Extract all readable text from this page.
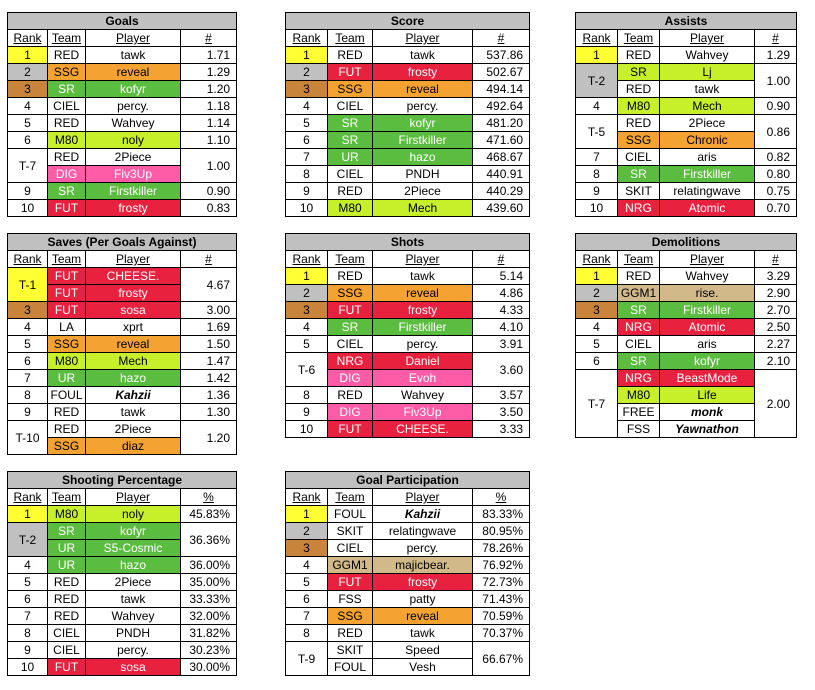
Goals			
Rank	Team	Player	#
1	RED	tawk	1.71
2	SSG	reveal	1.29
3	SR	kofyr	1.20
4	CIEL	percy.	1.18
5	RED	Wahvey	1.14
6	M80	noly	1.10
T-7	RED	2Piece	1.00
	DIG	Fiv3Up	
9	SR	Firstkiller	0.90
10	FUT	frosty	0.83
Score			
Rank	Team	Player	#
1	RED	tawk	537.86
2	FUT	frosty	502.67
3	SSG	reveal	494.14
4	CIEL	percy.	492.64
5	SR	kofyr	481.20
6	SR	Firstkiller	471.60
7	UR	hazo	468.67
8	CIEL	PNDH	440.91
9	RED	2Piece	440.29
10	M80	Mech	439.60
Assists			
Rank	Team	Player	#
1	RED	Wahvey	1.29
T-2	SR	Lj	1.00
	RED	tawk	
4	M80	Mech	0.90
T-5	RED	2Piece	0.86
	SSG	Chronic	
7	CIEL	aris	0.82
8	SR	Firstkiller	0.80
9	SKIT	relatingwave	0.75
10	NRG	Atomic	0.70
Saves (Per Goals Against)			
Rank	Team	Player	#
T-1	FUT	CHEESE.	4.67
	FUT	frosty	
3	FUT	sosa	3.00
4	LA	xprt	1.69
5	SSG	reveal	1.50
6	M80	Mech	1.47
7	UR	hazo	1.42
8	FOUL	Kahzii	1.36
9	RED	tawk	1.30
T-10	RED	2Piece	1.20
	SSG	diaz	
Shots			
Rank	Team	Player	#
1	RED	tawk	5.14
2	SSG	reveal	4.86
3	FUT	frosty	4.33
4	SR	Firstkiller	4.10
5	CIEL	percy.	3.91
T-6	NRG	Daniel	3.60
	DIG	Evoh	
8	RED	Wahvey	3.57
9	DIG	Fiv3Up	3.50
10	FUT	CHEESE.	3.33
Demolitions			
Rank	Team	Player	#
1	RED	Wahvey	3.29
2	GGM1	rise.	2.90
3	SR	Firstkiller	2.70
4	NRG	Atomic	2.50
5	CIEL	aris	2.27
6	SR	kofyr	2.10
T-7	NRG	BeastMode	2.00
	M80	Life	
	FREE	monk	
	FSS	Yawnathon	
Shooting Percentage			
Rank	Team	Player	%
1	M80	noly	45.83%
T-2	SR	kofyr	36.36%
	UR	S5-Cosmic	
4	UR	hazo	36.00%
5	RED	2Piece	35.00%
6	RED	tawk	33.33%
7	RED	Wahvey	32.00%
8	CIEL	PNDH	31.82%
9	CIEL	percy.	30.23%
10	FUT	sosa	30.00%
Goal Participation			
Rank	Team	Player	%
1	FOUL	Kahzii	83.33%
2	SKIT	relatingwave	80.95%
3	CIEL	percy.	78.26%
4	GGM1	majicbear.	76.92%
5	FUT	frosty	72.73%
6	FSS	patty	71.43%
7	SSG	reveal	70.59%
8	RED	tawk	70.37%
T-9	SKIT	Speed	66.67%
	FOUL	Vesh	
